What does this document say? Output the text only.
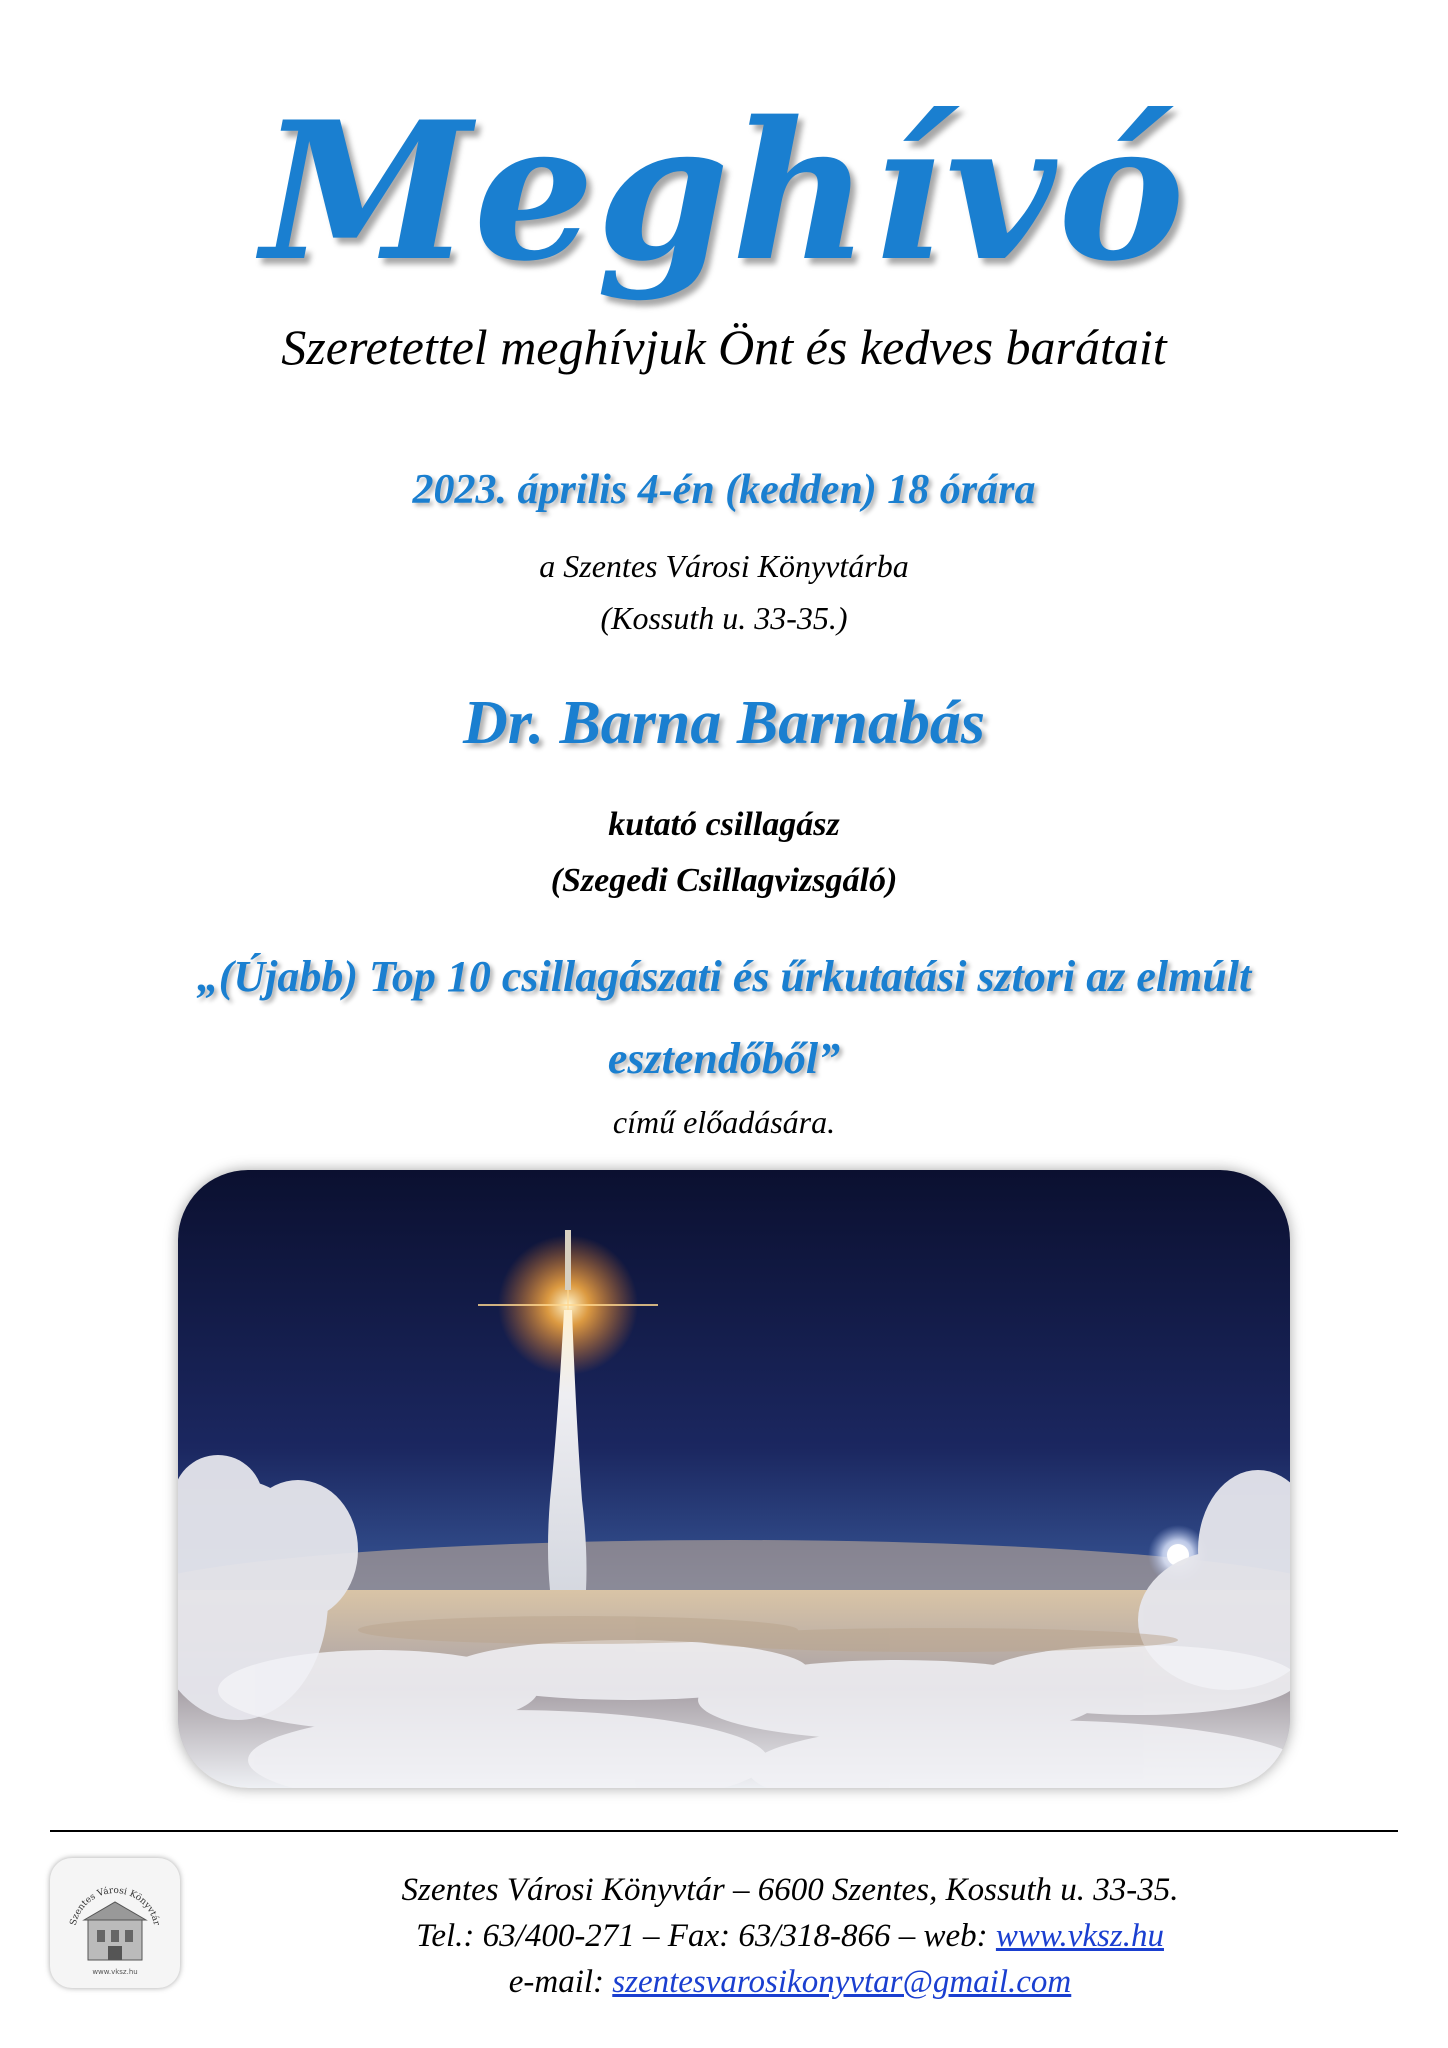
Meghívó
Szeretettel meghívjuk Önt és kedves barátait
2023. április 4-én (kedden) 18 órára
a Szentes Városi Könyvtárba
(Kossuth u. 33-35.)
Dr. Barna Barnabás
kutató csillagász
(Szegedi Csillagvizsgáló)
„(Újabb) Top 10 csillagászati és űrkutatási sztori az elmúlt
esztendőből”
című előadására.
Szentes Városi Könyvtár
www.vksz.hu
Szentes Városi Könyvtár – 6600 Szentes, Kossuth u. 33-35.
Tel.: 63/400-271 – Fax: 63/318-866 – web: www.vksz.hu
e-mail: szentesvarosikonyvtar@gmail.com
